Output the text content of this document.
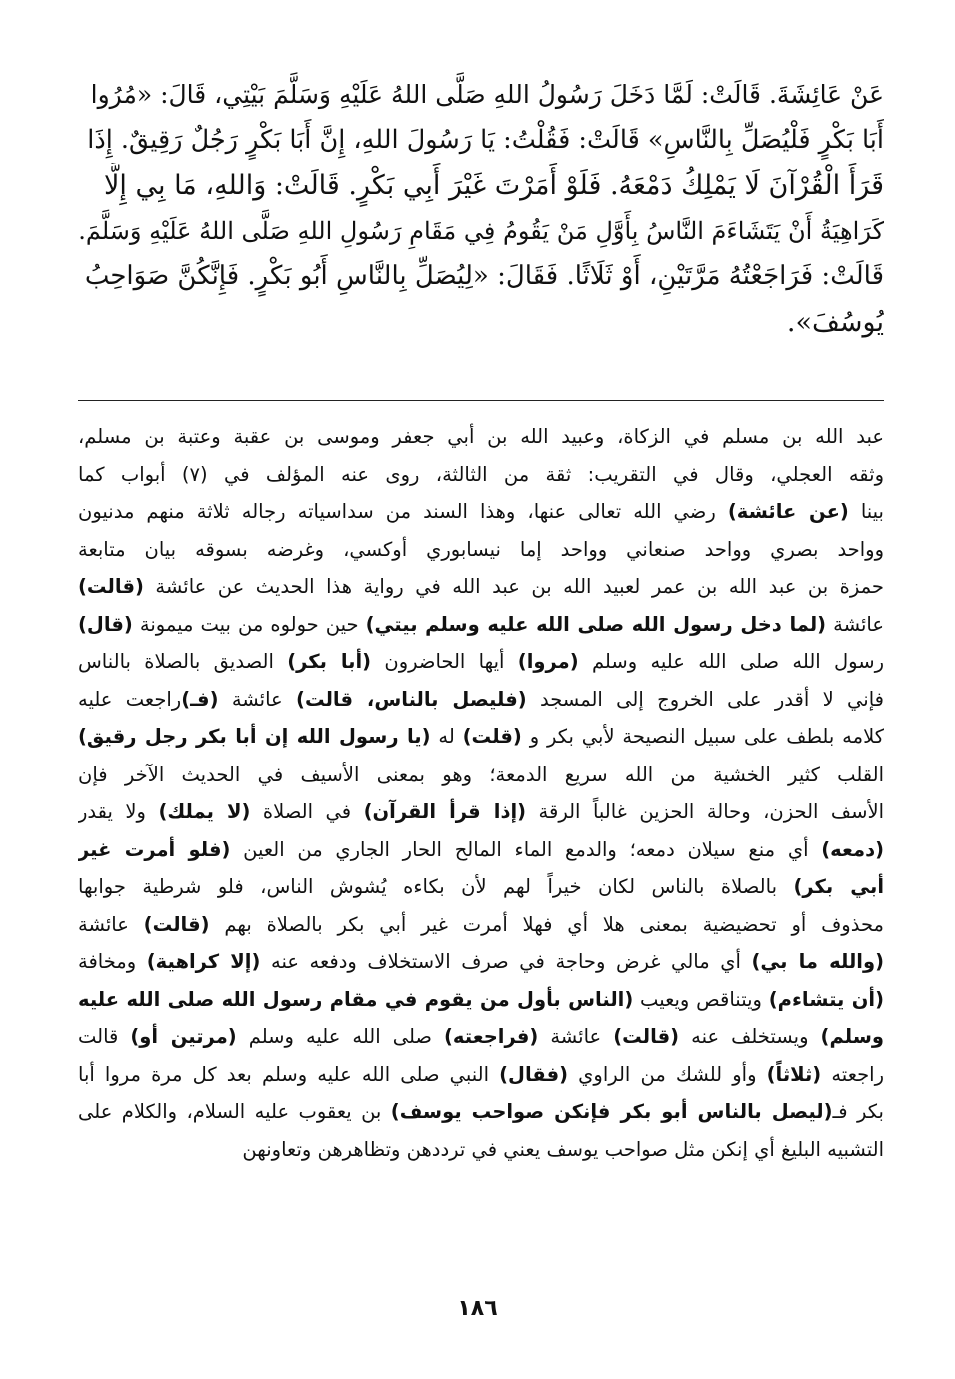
عَنْ عَائِشَةَ. قَالَتْ: لَمَّا دَخَلَ رَسُولُ اللهِ صَلَّى اللهُ عَلَيْهِ وَسَلَّمَ بَيْتِي، قَالَ: «مُرُوا
أَبَا بَكْرٍ فَلْيُصَلِّ بِالنَّاسِ» قَالَتْ: فَقُلْتُ: يَا رَسُولَ اللهِ، إِنَّ أَبَا بَكْرٍ رَجُلٌ رَقِيقٌ. إِذَا
قَرَأَ الْقُرْآنَ لَا يَمْلِكُ دَمْعَهُ. فَلَوْ أَمَرْتَ غَيْرَ أَبِي بَكْرٍ. قَالَتْ: وَاللهِ، مَا بِي إِلَّا
كَرَاهِيَةُ أَنْ يَتَشَاءَمَ النَّاسُ بِأَوَّلِ مَنْ يَقُومُ فِي مَقَامِ رَسُولِ اللهِ صَلَّى اللهُ عَلَيْهِ وَسَلَّمَ.
قَالَتْ: فَرَاجَعْتُهُ مَرَّتَيْنِ، أَوْ ثَلَاثًا. فَقَالَ: «لِيُصَلِّ بِالنَّاسِ أَبُو بَكْرٍ. فَإِنَّكُنَّ صَوَاحِبُ
يُوسُفَ».
عبد الله بن مسلم في الزكاة، وعبيد الله بن أبي جعفر وموسى بن عقبة وعتبة بن مسلم،
وثقه العجلي، وقال في التقريب: ثقة من الثالثة، روى عنه المؤلف في (٧) أبواب كما
بينا (عن عائشة) رضي الله تعالى عنها، وهذا السند من سداسياته رجاله ثلاثة منهم مدنيون
وواحد بصري وواحد صنعاني وواحد إما نيسابوري أوكسي، وغرضه بسوقه بيان متابعة
حمزة بن عبد الله بن عمر لعبيد الله بن عبد الله في رواية هذا الحديث عن عائشة (قالت)
عائشة (لما دخل رسول الله صلى الله عليه وسلم بيتي) حين حولوه من بيت ميمونة (قال)
رسول الله صلى الله عليه وسلم (مروا) أيها الحاضرون (أبا بكر) الصديق بالصلاة بالناس
فإني لا أقدر على الخروج إلى المسجد (فليصل بالناس، قالت) عائشة (فـ)راجعت عليه
كلامه بلطف على سبيل النصيحة لأبي بكر و (قلت) له (يا رسول الله إن أبا بكر رجل رقيق)
القلب كثير الخشية من الله سريع الدمعة؛ وهو بمعنى الأسيف في الحديث الآخر فإن
الأسف الحزن، وحالة الحزين غالباً الرقة (إذا قرأ القرآن) في الصلاة (لا يملك) ولا يقدر
(دمعه) أي منع سيلان دمعه؛ والدمع الماء المالح الحار الجاري من العين (فلو أمرت غير
أبي بكر) بالصلاة بالناس لكان خيراً لهم لأن بكاءه يُشوش الناس، فلو شرطية جوابها
محذوف أو تحضيضية بمعنى هلا أي فهلا أمرت غير أبي بكر بالصلاة بهم (قالت) عائشة
(والله ما بي) أي مالي غرض وحاجة في صرف الاستخلاف ودفعه عنه (إلا كراهية) ومخافة
(أن يتشاءم) ويتناقص ويعيب (الناس بأول من يقوم في مقام رسول الله صلى الله عليه
وسلم) ويستخلف عنه (قالت) عائشة (فراجعته) صلى الله عليه وسلم (مرتين أو) قالت
راجعته (ثلاثاً) وأو للشك من الراوي (فقال) النبي صلى الله عليه وسلم بعد كل مرة مروا أبا
بكر فـ(ليصل بالناس أبو بكر فإنكن صواحب يوسف) بن يعقوب عليه السلام، والكلام على
التشبيه البليغ أي إنكن مثل صواحب يوسف يعني في ترددهن وتظاهرهن وتعاونهن
١٨٦
